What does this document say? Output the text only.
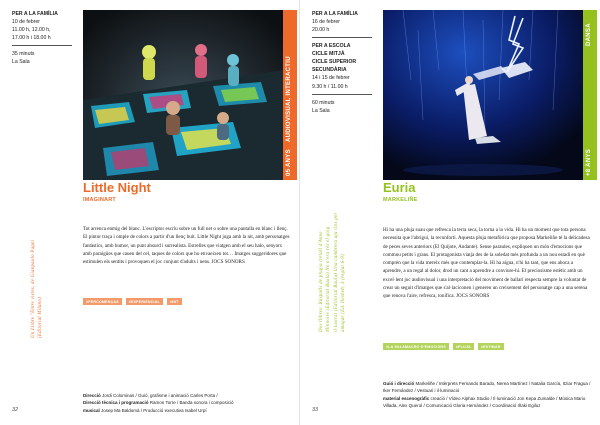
PER A LA FAMÍLIA
10 de febrer
11.00 h, 12.00 h,
17.00 h i 18.00 h
35 minuts
La Sala	AUDIOVISUAL INTERACTIU
05 ANYS
Little Night
IMAGINART
Un Llibre "Entre vistes, de Gianpaolo Pagni (Editorial Milano)
Tot arrenca enmig del blanc. L'escriptor escriu sobre un full net o sobre una pantalla en blanc i llenç. El pintor traça i omple de colors a partir d'un llenç buit. Little Night juga amb la nit, amb personatges fantàstics, amb humor, un punt absurd i surrealista. Estrelles que viatgen amb el seu halo, senyors amb paraigües que cauen del cel, taques de colors que ho envaeixen tot… Imatges suggeridores que estimulen els sentits i provoquen el joc conjunt d'adults i nens. JOCS SONORS
#PERCOMENÇAS	#EXPERIENCIAL	#NIT
Direcció Jordi Colominas / Guió, grafisme i animació Carles Porta /
Direcció tècnica i programació Ramon Torre / Banda sonora i composició
musical Josep Ma Baldomà / Producció executiva Isabel Urpí
32
PER A LA FAMÍLIA
16 de febrer
20.00 h
PER A ESCOLA
CICLE MITJÀ
CICLE SUPERIOR
SECUNDÀRIA
14 i 15 de febrer
9.30 h / 11.00 h
60 minuts
La Sala
DANSA
+8 ANYS
Euria
MARKELIÑE
Dos llibres: Raspalls de plugia (retall d'Anne Minnoire (Editorial Baula) No n'era rés el goig il·lustrat (Editorial Baula) Una cambrera aja titts per amagar (Ed. Ikisheb, 3 (reglat 6-9)
Hi ha una pluja suau que refresca la terra seca, la torna a la vida. Hi ha un moment que tota persona necessita que l'abrigui, la reconforti. Aquesta pluja metafòrica que proposa Markeliñe té la delicadesa de peces seves anteriors (El Quijote, Andante). Sense paraules, expliquen un món d'emocions que commou petits i grans. El protagonista viatja des de la soledat més profunda a un nou estadi en què comprèn que la vida mereix més que contemplar-la. Hi ha aigua, n'hi ha tant, que ens aboca a aprendre, a un regal al dolor, drod un cant a aprendre a conviure-hi. El preciosisme estètic amb un excel·lent joc audiovisual i una interpretació del moviment de ballarí respecta sempre la voluntat de crear un seguit d'imatges que s'al·laciconen i generen un creixement del personatge cap a una serena que renova l'aire, refresca, tonifica. JOCS SONORS
#LA SALAMACRO D'EMOCIONS	#PLUJA	#ESTIMAR
Guió i direcció Markeliñe / Intèrprets Fernando Barado, Nerea Martínez / Natalia García, Itziar Fragua / Iker Fernández / Vestuari i il·luminació
material escenogràfic creació / Vídeo Alphax Studio / Il·luminació Jon Kepa Zumalde / Música Mario Villada, Alex Querol / Comunicació Gloria Hernández / Coordinació Iñaki Egiluz
33
